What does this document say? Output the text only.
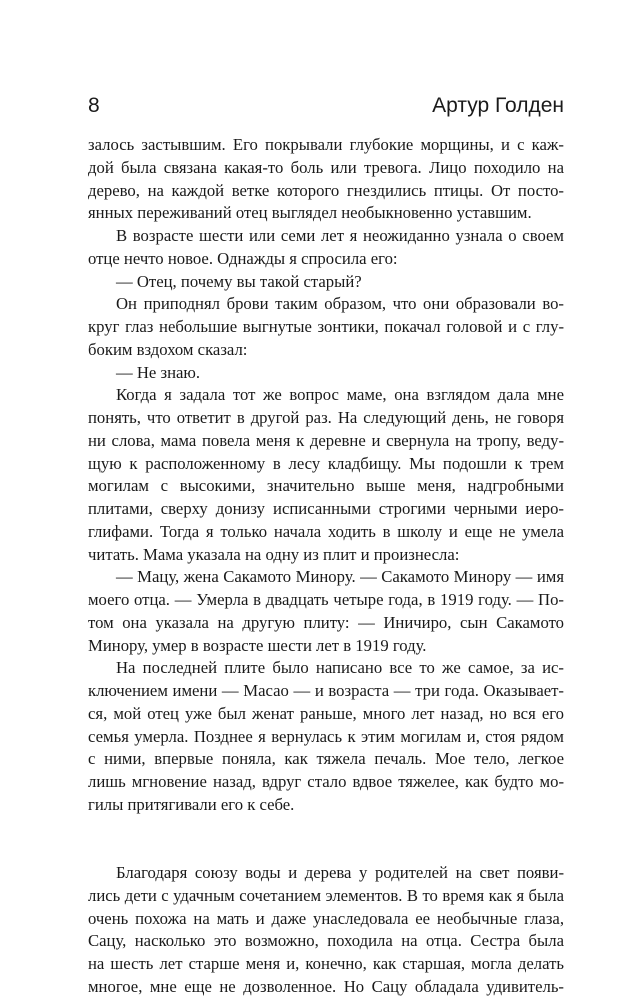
8	Артур Голден
залось застывшим. Его покрывали глубокие морщины, и с каж-
дой была связана какая-то боль или тревога. Лицо походило на
дерево, на каждой ветке которого гнездились птицы. От посто-
янных переживаний отец выглядел необыкновенно уставшим.
В возрасте шести или семи лет я неожиданно узнала о своем
отце нечто новое. Однажды я спросила его:
— Отец, почему вы такой старый?
Он приподнял брови таким образом, что они образовали во-
круг глаз небольшие выгнутые зонтики, покачал головой и с глу-
боким вздохом сказал:
— Не знаю.
Когда я задала тот же вопрос маме, она взглядом дала мне
понять, что ответит в другой раз. На следующий день, не говоря
ни слова, мама повела меня к деревне и свернула на тропу, веду-
щую к расположенному в лесу кладбищу. Мы подошли к трем
могилам с высокими, значительно выше меня, надгробными
плитами, сверху донизу исписанными строгими черными иеро-
глифами. Тогда я только начала ходить в школу и еще не умела
читать. Мама указала на одну из плит и произнесла:
— Мацу, жена Сакамото Минору. — Сакамото Минору — имя
моего отца. — Умерла в двадцать четыре года, в 1919 году. — По-
том она указала на другую плиту: — Иничиро, сын Сакамото
Минору, умер в возрасте шести лет в 1919 году.
На последней плите было написано все то же самое, за ис-
ключением имени — Масао — и возраста — три года. Оказывает-
ся, мой отец уже был женат раньше, много лет назад, но вся его
семья умерла. Позднее я вернулась к этим могилам и, стоя рядом
с ними, впервые поняла, как тяжела печаль. Мое тело, легкое
лишь мгновение назад, вдруг стало вдвое тяжелее, как будто мо-
гилы притягивали его к себе.
Благодаря союзу воды и дерева у родителей на свет появи-
лись дети с удачным сочетанием элементов. В то время как я была
очень похожа на мать и даже унаследовала ее необычные глаза,
Сацу, насколько это возможно, походила на отца. Сестра была
на шесть лет старше меня и, конечно, как старшая, могла делать
многое, мне еще не дозволенное. Но Сацу обладала удивитель-
